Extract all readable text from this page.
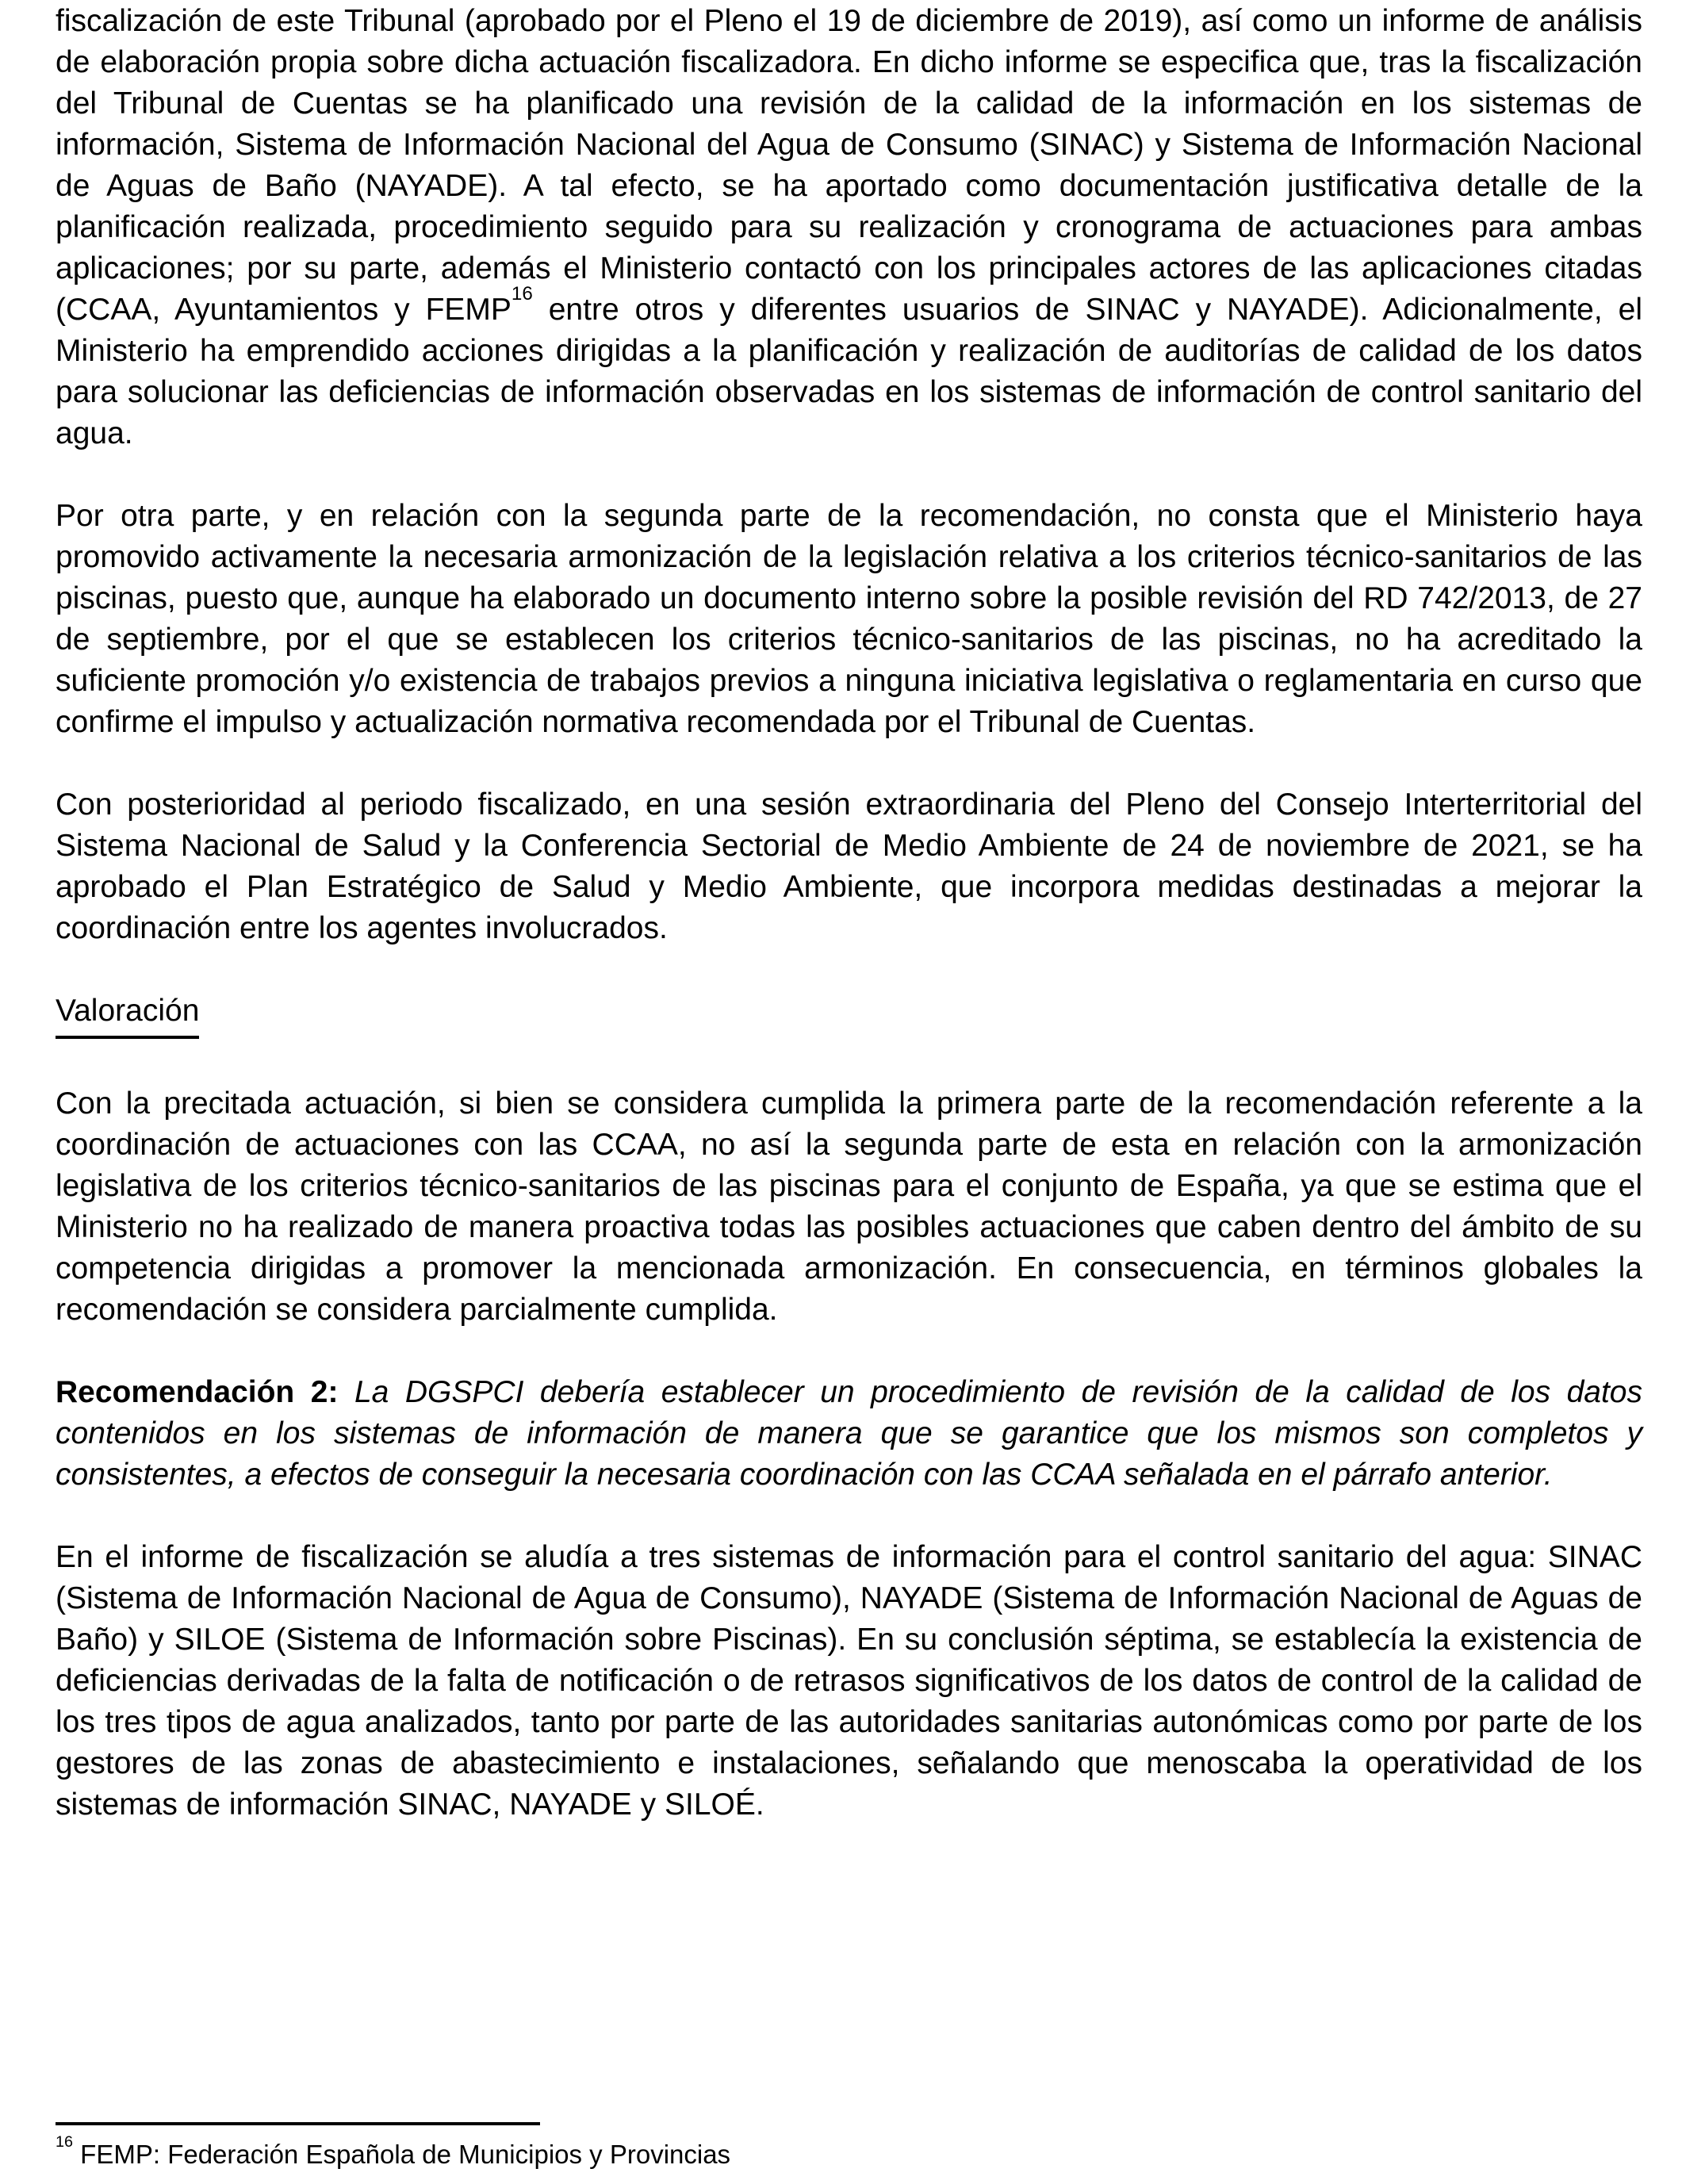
fiscalización de este Tribunal (aprobado por el Pleno el 19 de diciembre de 2019), así como un informe de análisis de elaboración propia sobre dicha actuación fiscalizadora. En dicho informe se especifica que, tras la fiscalización del Tribunal de Cuentas se ha planificado una revisión de la calidad de la información en los sistemas de información, Sistema de Información Nacional del Agua de Consumo (SINAC) y Sistema de Información Nacional de Aguas de Baño (NAYADE). A tal efecto, se ha aportado como documentación justificativa detalle de la planificación realizada, procedimiento seguido para su realización y cronograma de actuaciones para ambas aplicaciones; por su parte, además el Ministerio contactó con los principales actores de las aplicaciones citadas (CCAA, Ayuntamientos y FEMP$^{16}$ entre otros y diferentes usuarios de SINAC y NAYADE). Adicionalmente, el Ministerio ha emprendido acciones dirigidas a la planificación y realización de auditorías de calidad de los datos para solucionar las deficiencias de información observadas en los sistemas de información de control sanitario del agua.

Por otra parte, y en relación con la segunda parte de la recomendación, no consta que el Ministerio haya promovido activamente la necesaria armonización de la legislación relativa a los criterios técnico-sanitarios de las piscinas, puesto que, aunque ha elaborado un documento interno sobre la posible revisión del RD 742/2013, de 27 de septiembre, por el que se establecen los criterios técnico-sanitarios de las piscinas, no ha acreditado la suficiente promoción y/o existencia de trabajos previos a ninguna iniciativa legislativa o reglamentaria en curso que confirme el impulso y actualización normativa recomendada por el Tribunal de Cuentas.

Con posterioridad al periodo fiscalizado, en una sesión extraordinaria del Pleno del Consejo Interterritorial del Sistema Nacional de Salud y la Conferencia Sectorial de Medio Ambiente de 24 de noviembre de 2021, se ha aprobado el Plan Estratégico de Salud y Medio Ambiente, que incorpora medidas destinadas a mejorar la coordinación entre los agentes involucrados.

Valoración

Con la precitada actuación, si bien se considera cumplida la primera parte de la recomendación referente a la coordinación de actuaciones con las CCAA, no así la segunda parte de esta en relación con la armonización legislativa de los criterios técnico-sanitarios de las piscinas para el conjunto de España, ya que se estima que el Ministerio no ha realizado de manera proactiva todas las posibles actuaciones que caben dentro del ámbito de su competencia dirigidas a promover la mencionada armonización. En consecuencia, en términos globales la recomendación se considera parcialmente cumplida.

Recomendación 2: La DGSPCI debería establecer un procedimiento de revisión de la calidad de los datos contenidos en los sistemas de información de manera que se garantice que los mismos son completos y consistentes, a efectos de conseguir la necesaria coordinación con las CCAA señalada en el párrafo anterior.

En el informe de fiscalización se aludía a tres sistemas de información para el control sanitario del agua: SINAC (Sistema de Información Nacional de Agua de Consumo), NAYADE (Sistema de Información Nacional de Aguas de Baño) y SILOE (Sistema de Información sobre Piscinas). En su conclusión séptima, se establecía la existencia de deficiencias derivadas de la falta de notificación o de retrasos significativos de los datos de control de la calidad de los tres tipos de agua analizados, tanto por parte de las autoridades sanitarias autonómicas como por parte de los gestores de las zonas de abastecimiento e instalaciones, señalando que menoscaba la operatividad de los sistemas de información SINAC, NAYADE y SILOÉ.

$^{16}$ FEMP: Federación Española de Municipios y Provincias
